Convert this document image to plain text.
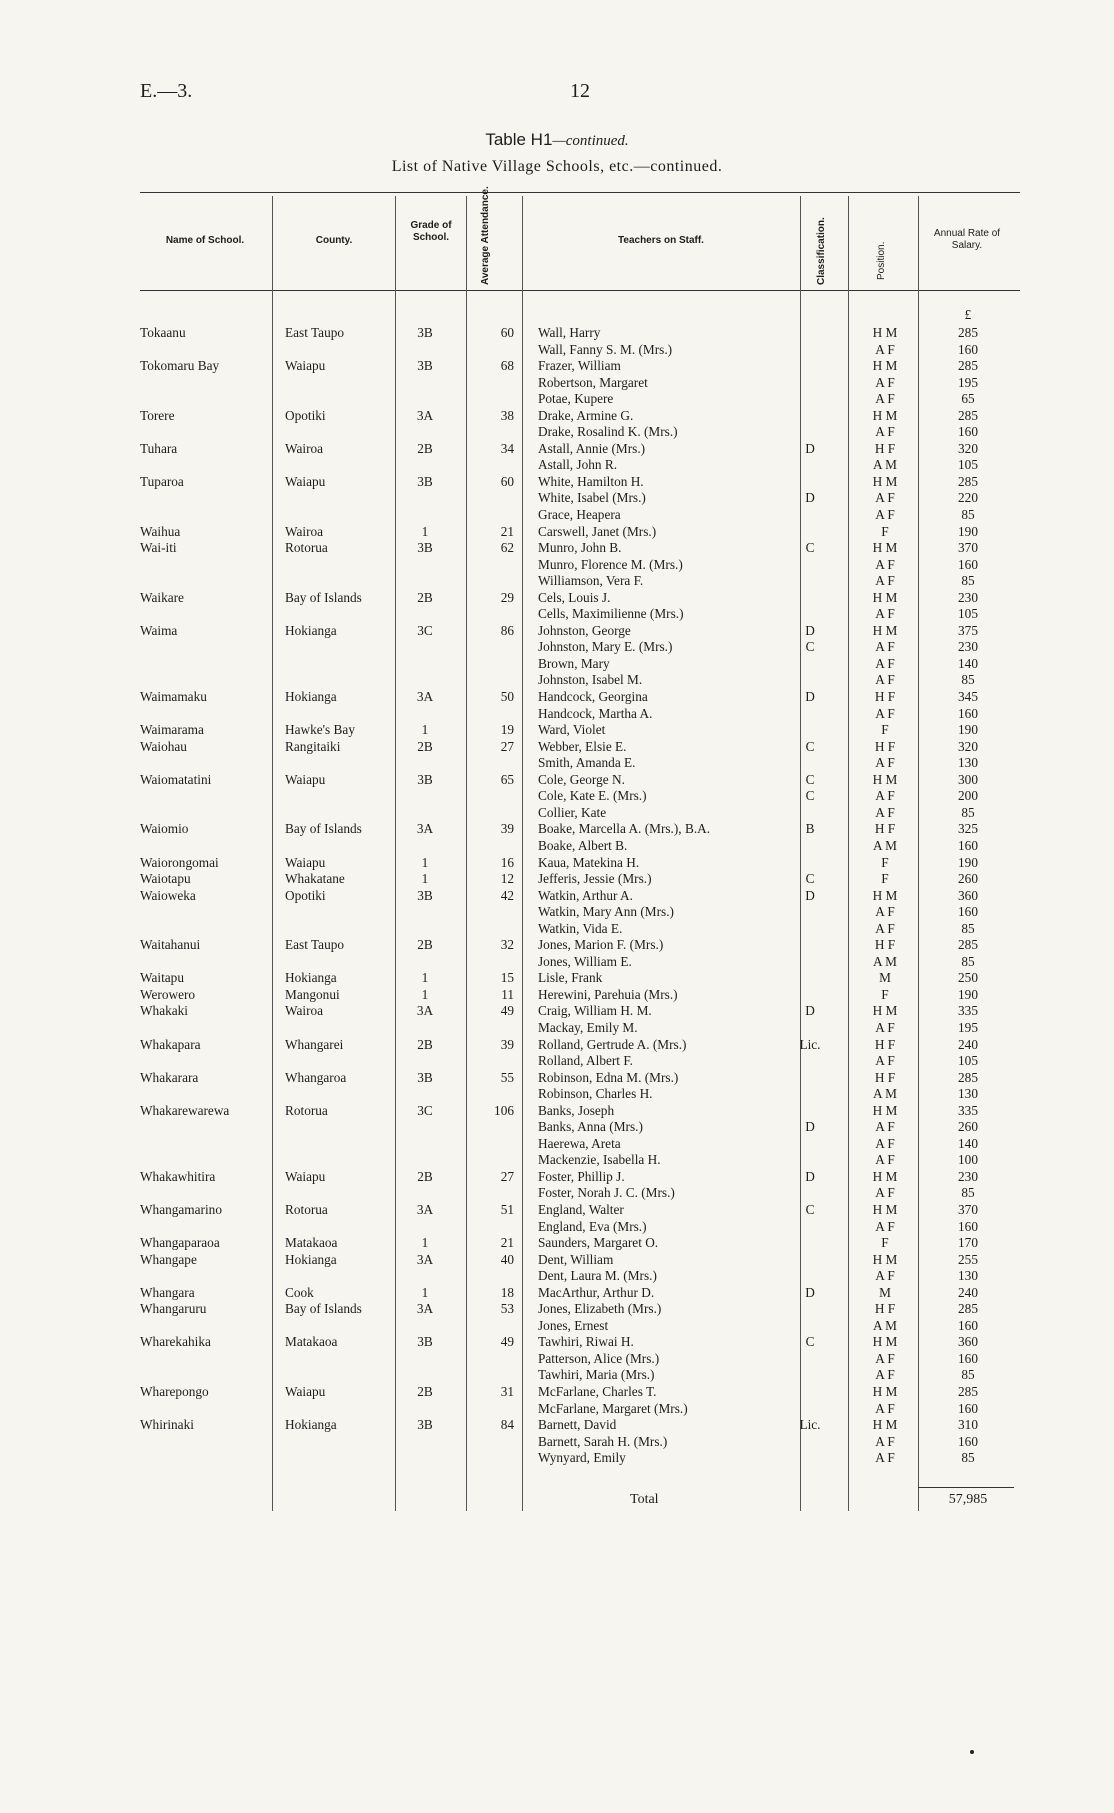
E.—3.	12
Table H1—continued.
List of Native Village Schools, etc.—continued.
Name of School.	County.
Grade of School.	Average Attendance.	Teachers on Staff.	Classification.	Position.
Annual Rate of Salary.
£
Tokaanu	East Taupo	3B	60 Wall, Harry	H M	285
Wall, Fanny S. M. (Mrs.)	A F	160
Tokomaru Bay	Waiapu	3B	68 Frazer, William	H M	285
Robertson, Margaret	A F	195
Potae, Kupere	A F	65
Torere	Opotiki	3A	38 Drake, Armine G.	H M	285
Drake, Rosalind K. (Mrs.)	A F	160
Tuhara	Wairoa	2B	34 Astall, Annie (Mrs.)	D	H F	320
Astall, John R.	A M	105
Tuparoa	Waiapu	3B	60 White, Hamilton H.	H M	285
White, Isabel (Mrs.)	D	A F	220
Grace, Heapera	A F	85
Waihua	Wairoa	1	21 Carswell, Janet (Mrs.)	F	190
Wai-iti	Rotorua	3B	62 Munro, John B.	C	H M	370
Munro, Florence M. (Mrs.)	A F	160
Williamson, Vera F.	A F	85
Waikare	Bay of Islands	2B	29 Cels, Louis J.	H M	230
Cells, Maximilienne (Mrs.)	A F	105
Waima	Hokianga	3C	86 Johnston, George	D	H M	375
Johnston, Mary E. (Mrs.)	C	A F	230
Brown, Mary	A F	140
Johnston, Isabel M.	A F	85
Waimamaku	Hokianga	3A	50 Handcock, Georgina	D	H F	345
Handcock, Martha A.	A F	160
Waimarama	Hawke's Bay	1	19 Ward, Violet	F	190
Waiohau	Rangitaiki	2B	27 Webber, Elsie E.	C	H F	320
Smith, Amanda E.	A F	130
Waiomatatini	Waiapu	3B	65 Cole, George N.	C	H M	300
Cole, Kate E. (Mrs.)	C	A F	200
Collier, Kate	A F	85
Waiomio	Bay of Islands	3A	39 Boake, Marcella A. (Mrs.), B.A.	B	H F	325
Boake, Albert B.	A M	160
Waiorongomai	Waiapu	1	16 Kaua, Matekina H.	F	190
Waiotapu	Whakatane	1	12 Jefferis, Jessie (Mrs.)	C	F	260
Waioweka	Opotiki	3B	42 Watkin, Arthur A.	D	H M	360
Watkin, Mary Ann (Mrs.)	A F	160
Watkin, Vida E.	A F	85
Waitahanui	East Taupo	2B	32 Jones, Marion F. (Mrs.)	H F	285
Jones, William E.	A M	85
Waitapu	Hokianga	1	15 Lisle, Frank	M	250
Werowero	Mangonui	1	11 Herewini, Parehuia (Mrs.)	F	190
Whakaki	Wairoa	3A	49 Craig, William H. M.	D	H M	335
Mackay, Emily M.	A F	195
Whakapara	Whangarei	2B	39 Rolland, Gertrude A. (Mrs.)	Lic.	H F	240
Rolland, Albert F.	A F	105
Whakarara	Whangaroa	3B	55 Robinson, Edna M. (Mrs.)	H F	285
Robinson, Charles H.	A M	130
Whakarewarewa	Rotorua	3C	106 Banks, Joseph	H M	335
Banks, Anna (Mrs.)	D	A F	260
Haerewa, Areta	A F	140
Mackenzie, Isabella H.	A F	100
Whakawhitira	Waiapu	2B	27 Foster, Phillip J.	D	H M	230
Foster, Norah J. C. (Mrs.)	A F	85
Whangamarino	Rotorua	3A	51 England, Walter	C	H M	370
England, Eva (Mrs.)	A F	160
Whangaparaoa	Matakaoa	1	21 Saunders, Margaret O.	F	170
Whangape	Hokianga	3A	40 Dent, William	H M	255
Dent, Laura M. (Mrs.)	A F	130
Whangara	Cook	1	18 MacArthur, Arthur D.	D	M	240
Whangaruru	Bay of Islands	3A	53 Jones, Elizabeth (Mrs.)	H F	285
Jones, Ernest	A M	160
Wharekahika	Matakaoa	3B	49 Tawhiri, Riwai H.	C	H M	360
Patterson, Alice (Mrs.)	A F	160
Tawhiri, Maria (Mrs.)	A F	85
Wharepongo	Waiapu	2B	31 McFarlane, Charles T.	H M	285
McFarlane, Margaret (Mrs.)	A F	160
Whirinaki	Hokianga	3B	84 Barnett, David	Lic.	H M	310
Barnett, Sarah H. (Mrs.)	A F	160
Wynyard, Emily	A F	85
Total	57,985
